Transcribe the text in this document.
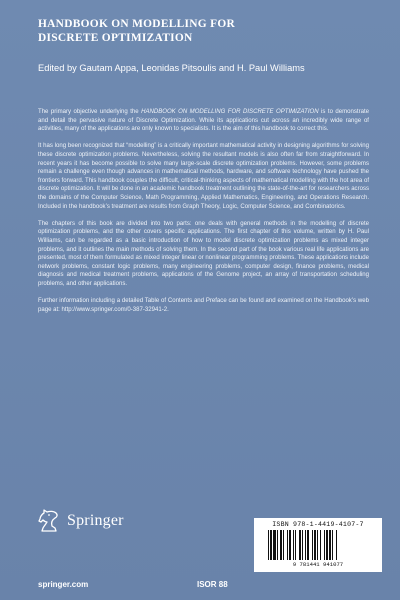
HANDBOOK ON MODELLING FOR
DISCRETE OPTIMIZATION

Edited by Gautam Appa, Leonidas Pitsoulis and H. Paul Williams

The primary objective underlying the HANDBOOK ON MODELLING FOR DISCRETE OPTIMIZATION is to demonstrate and detail the pervasive nature of Discrete Optimization. While its applications cut across an incredibly wide range of activities, many of the applications are only known to specialists. It is the aim of this handbook to correct this.

It has long been recognized that “modelling” is a critically important mathematical activity in designing algorithms for solving these discrete optimization problems. Nevertheless, solving the resultant models is also often far from straightforward. In recent years it has become possible to solve many large-scale discrete optimization problems. However, some problems remain a challenge even though advances in mathematical methods, hardware, and software technology have pushed the frontiers forward. This handbook couples the difficult, critical-thinking aspects of mathematical modelling with the hot area of discrete optimization. It will be done in an academic handbook treatment outlining the state-of-the-art for researchers across the domains of the Computer Science, Math Programming, Applied Mathematics, Engineering, and Operations Research. Included in the handbook’s treatment are results from Graph Theory, Logic, Computer Science, and Combinatorics.

The chapters of this book are divided into two parts: one deals with general methods in the modelling of discrete optimization problems, and the other covers specific applications. The first chapter of this volume, written by H. Paul Williams, can be regarded as a basic introduction of how to model discrete optimization problems as mixed integer problems, and it outlines the main methods of solving them. In the second part of the book various real life applications are presented, most of them formulated as mixed integer linear or nonlinear programming problems. These applications include network problems, constant logic problems, many engineering problems, computer design, finance problems, medical diagnosis and medical treatment problems, applications of the Genome project, an array of transportation scheduling problems, and other applications.

Further information including a detailed Table of Contents and Preface can be found and examined on the Handbook’s web page at: http://www.springer.com/0-387-32941-2.

Springer	ISBN 978-1-4419-4107-7

9 781441 941077
springer.com	ISOR 88
